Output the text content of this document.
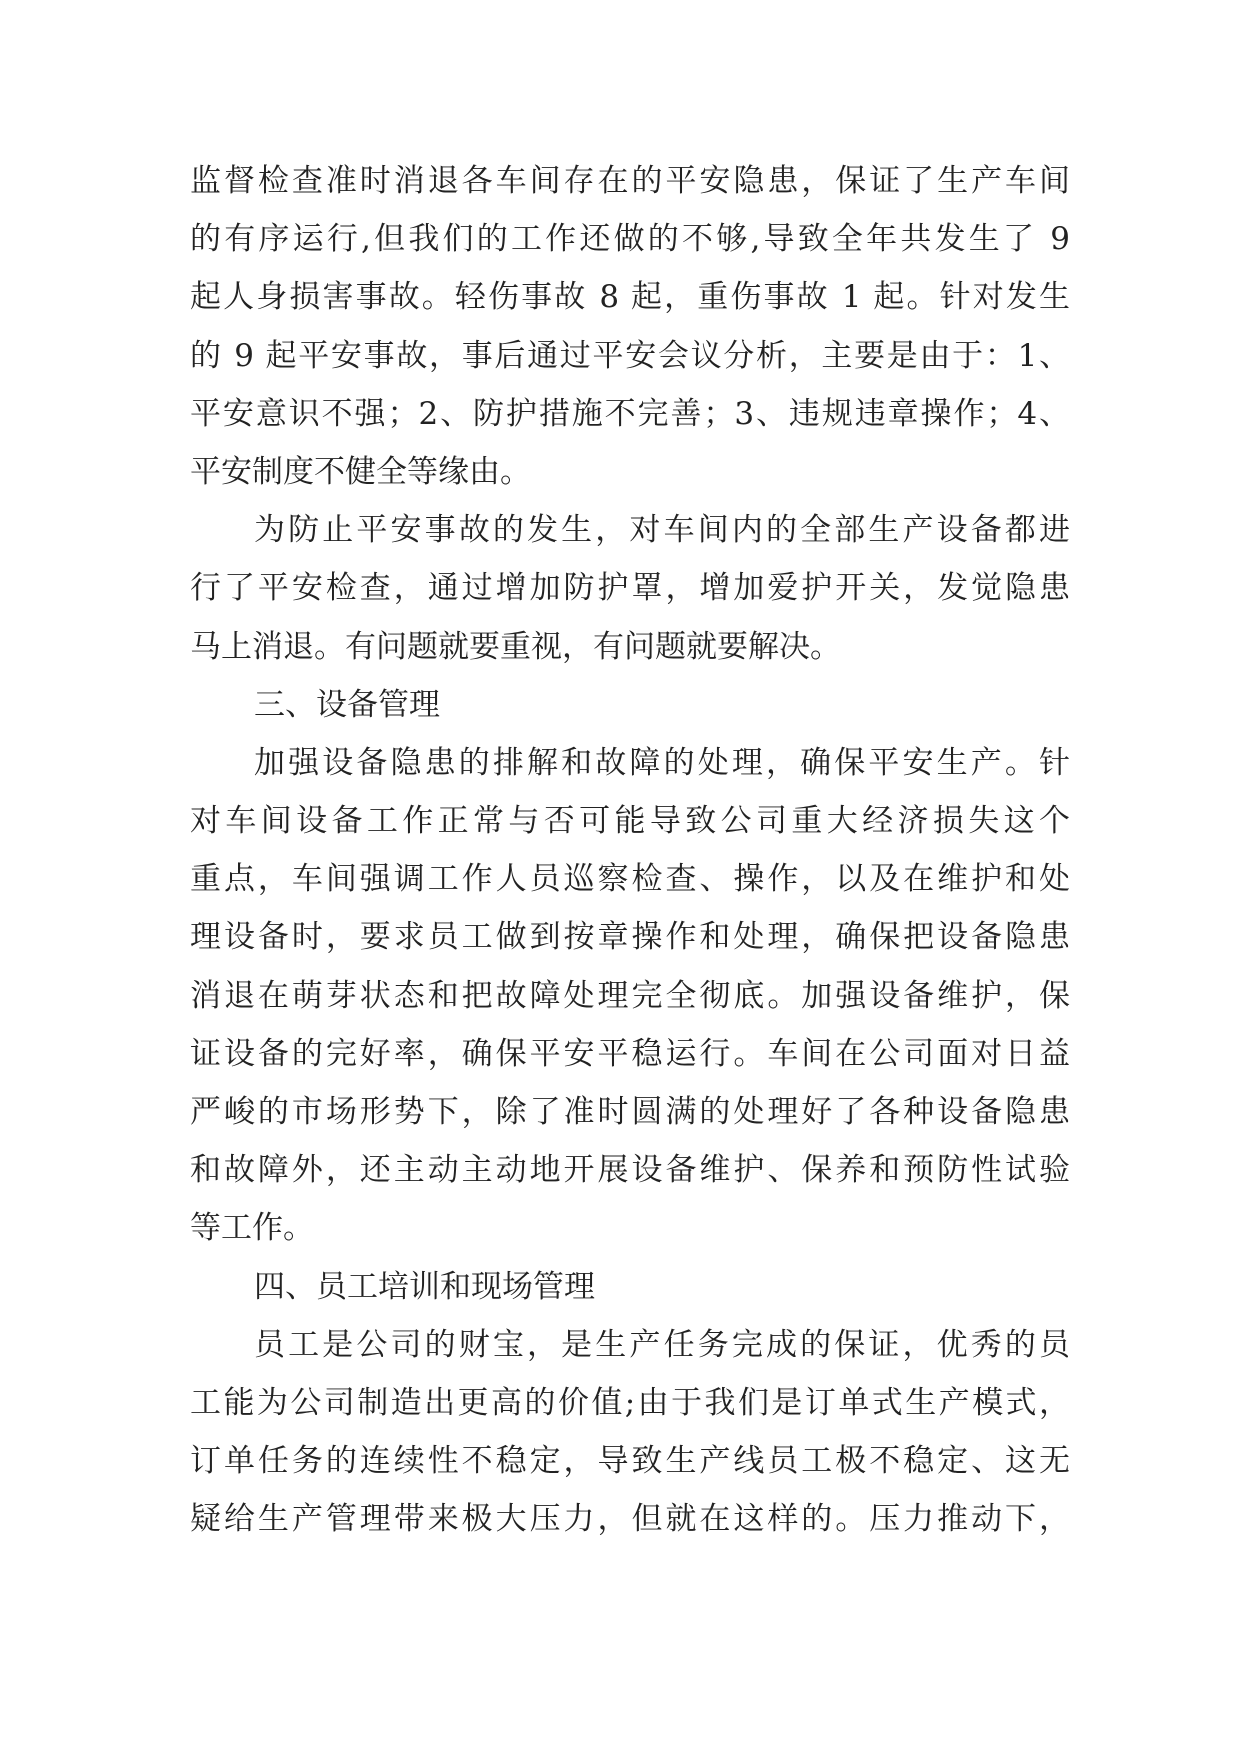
监督检查准时消退各车间存在的平安隐患，保证了生产车间
的有序运行,但我们的工作还做的不够,导致全年共发生了 9
起人身损害事故。轻伤事故 8 起，重伤事故 1 起。针对发生
的 9 起平安事故，事后通过平安会议分析，主要是由于：1、
平安意识不强；2、防护措施不完善；3、违规违章操作；4、
平安制度不健全等缘由。
为防止平安事故的发生，对车间内的全部生产设备都进
行了平安检查，通过增加防护罩，增加爱护开关，发觉隐患
马上消退。有问题就要重视，有问题就要解决。
三、设备管理
加强设备隐患的排解和故障的处理，确保平安生产。针
对车间设备工作正常与否可能导致公司重大经济损失这个
重点，车间强调工作人员巡察检查、操作，以及在维护和处
理设备时，要求员工做到按章操作和处理，确保把设备隐患
消退在萌芽状态和把故障处理完全彻底。加强设备维护，保
证设备的完好率，确保平安平稳运行。车间在公司面对日益
严峻的市场形势下，除了准时圆满的处理好了各种设备隐患
和故障外，还主动主动地开展设备维护、保养和预防性试验
等工作。
四、员工培训和现场管理
员工是公司的财宝，是生产任务完成的保证，优秀的员
工能为公司制造出更高的价值;由于我们是订单式生产模式，
订单任务的连续性不稳定，导致生产线员工极不稳定、这无
疑给生产管理带来极大压力，但就在这样的。压力推动下，
